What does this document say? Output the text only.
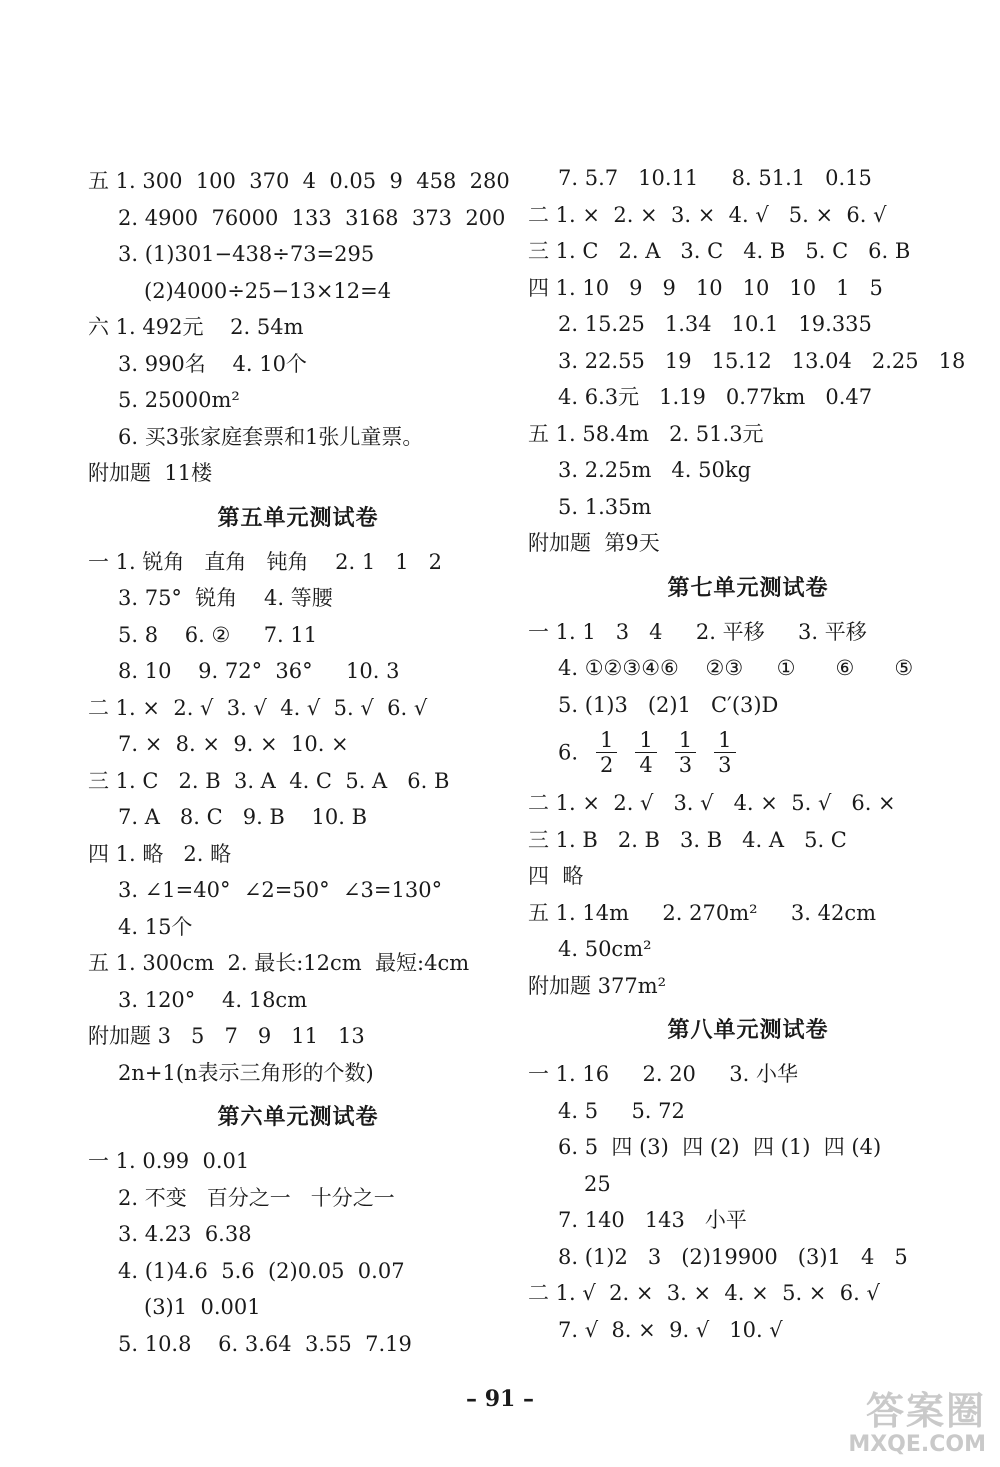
五 1. 300  100  370  4  0.05  9  458  280
2. 4900  76000  133  3168  373  200
3. (1)301−438÷73=295
(2)4000÷25−13×12=4
六 1. 492元    2. 54m
3. 990名    4. 10个
5. 25000m²
6. 买3张家庭套票和1张儿童票。
附加题  11楼
第五单元测试卷
一 1. 锐角   直角   钝角    2. 1   1   2
3. 75°  锐角    4. 等腰
5. 8    6. ②     7. 11
8. 10    9. 72°  36°     10. 3
二 1. ×  2. √  3. √  4. √  5. √  6. √
7. ×  8. ×  9. ×  10. ×
三 1. C   2. B  3. A  4. C  5. A   6. B
7. A   8. C   9. B    10. B
四 1. 略   2. 略
3. ∠1=40°  ∠2=50°  ∠3=130°
4. 15个
五 1. 300cm  2. 最长:12cm  最短:4cm
3. 120°    4. 18cm
附加题 3   5   7   9   11   13
2n+1(n表示三角形的个数)
第六单元测试卷
一 1. 0.99  0.01
2. 不变   百分之一   十分之一
3. 4.23  6.38
4. (1)4.6  5.6  (2)0.05  0.07
(3)1  0.001
5. 10.8    6. 3.64  3.55  7.19
7. 5.7   10.11     8. 51.1   0.15
二 1. ×  2. ×  3. ×  4. √   5. ×  6. √
三 1. C   2. A   3. C   4. B   5. C   6. B
四 1. 10   9   9   10   10   10   1   5
2. 15.25   1.34   10.1   19.335
3. 22.55   19   15.12   13.04   2.25   18
4. 6.3元   1.19   0.77km   0.47
五 1. 58.4m   2. 51.3元
3. 2.25m   4. 50kg
5. 1.35m
附加题  第9天
第七单元测试卷
一 1. 1   3   4     2. 平移     3. 平移
4. ①②③④⑥    ②③     ①      ⑥      ⑤
5. (1)3   (2)1   C′(3)D
6. $\frac{1}{2} \frac{1}{4} \frac{1}{3} \frac{1}{3}$
二 1. ×  2. √   3. √   4. ×  5. √   6. ×
三 1. B   2. B   3. B   4. A   5. C
四  略
五 1. 14m     2. 270m²     3. 42cm
4. 50cm²
附加题 377m²
第八单元测试卷
一 1. 16     2. 20     3. 小华
4. 5     5. 72
6. 5  四 (3)  四 (2)  四 (1)  四 (4)
25
7. 140   143   小平
8. (1)2   3   (2)19900   (3)1   4   5
二 1. √  2. ×  3. ×  4. ×  5. ×  6. √
7. √  8. ×  9. √   10. √
– 91 –	答案圈
MXQE.COM
